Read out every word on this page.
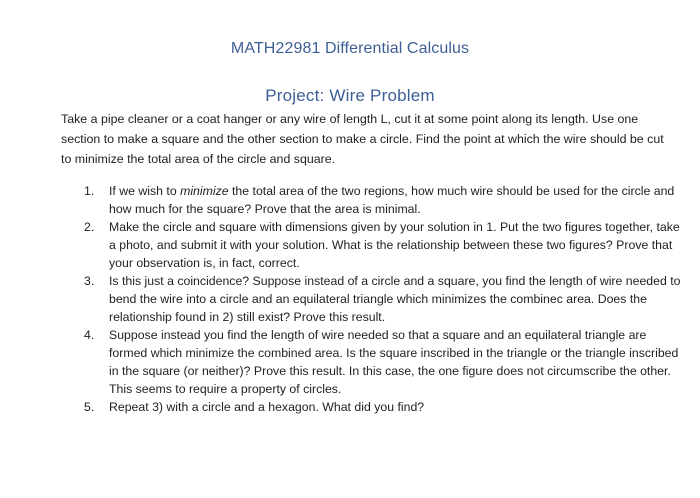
MATH22981 Differential Calculus
Project: Wire Problem
Take a pipe cleaner or a coat hanger or any wire of length L, cut it at some point along its length. Use one section to make a square and the other section to make a circle. Find the point at which the wire should be cut to minimize the total area of the circle and square.
1. If we wish to minimize the total area of the two regions, how much wire should be used for the circle and how much for the square? Prove that the area is minimal.
2. Make the circle and square with dimensions given by your solution in 1. Put the two figures together, take a photo, and submit it with your solution. What is the relationship between these two figures? Prove that your observation is, in fact, correct.
3. Is this just a coincidence? Suppose instead of a circle and a square, you find the length of wire needed to bend the wire into a circle and an equilateral triangle which minimizes the combinec area. Does the relationship found in 2) still exist? Prove this result.
4. Suppose instead you find the length of wire needed so that a square and an equilateral triangle are formed which minimize the combined area. Is the square inscribed in the triangle or the triangle inscribed in the square (or neither)? Prove this result. In this case, the one figure does not circumscribe the other. This seems to require a property of circles.
5. Repeat 3) with a circle and a hexagon. What did you find?
